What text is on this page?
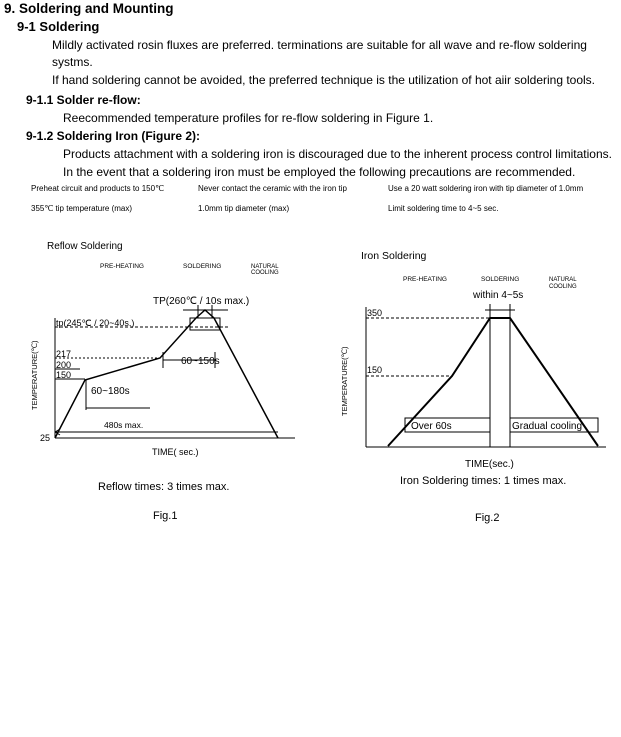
9. Soldering and Mounting
9-1 Soldering
Mildly activated rosin fluxes are preferred. terminations are suitable for all wave and re-flow soldering
systms.
If hand soldering cannot be avoided, the preferred technique is the utilization of hot aiir soldering tools.
9-1.1 Solder re-flow:
Reecommended temperature profiles for re-flow soldering in Figure 1.
9-1.2 Soldering Iron (Figure 2):
Products attachment with a soldering iron is discouraged due to the inherent process control limitations.
In the event that a soldering iron must be employed the following precautions are recommended.
Preheat circuit and products to 150℃	Never contact the ceramic with the iron tip	Use a 20 watt soldering iron with tip diameter of 1.0mm
355℃ tip temperature (max)	1.0mm tip diameter (max)	Limit soldering time to 4~5 sec.
Reflow Soldering
PRE-HEATING	SOLDERING	NATURAL
COOLING
TP(260℃ / 10s max.)
tp(245℃ / 20~40s.)
217
200
150
25
60~150s
60~180s
480s max.
TEMPERATURE(℃)
TIME( sec.)
Reflow times: 3 times max.
Fig.1
Iron Soldering
PRE-HEATING	SOLDERING	NATURAL
COOLING
within 4~5s
350
150
Over 60s	Gradual cooling
TEMPERATURE(℃)
TIME(sec.)
Iron Soldering times: 1 times max.
Fig.2
